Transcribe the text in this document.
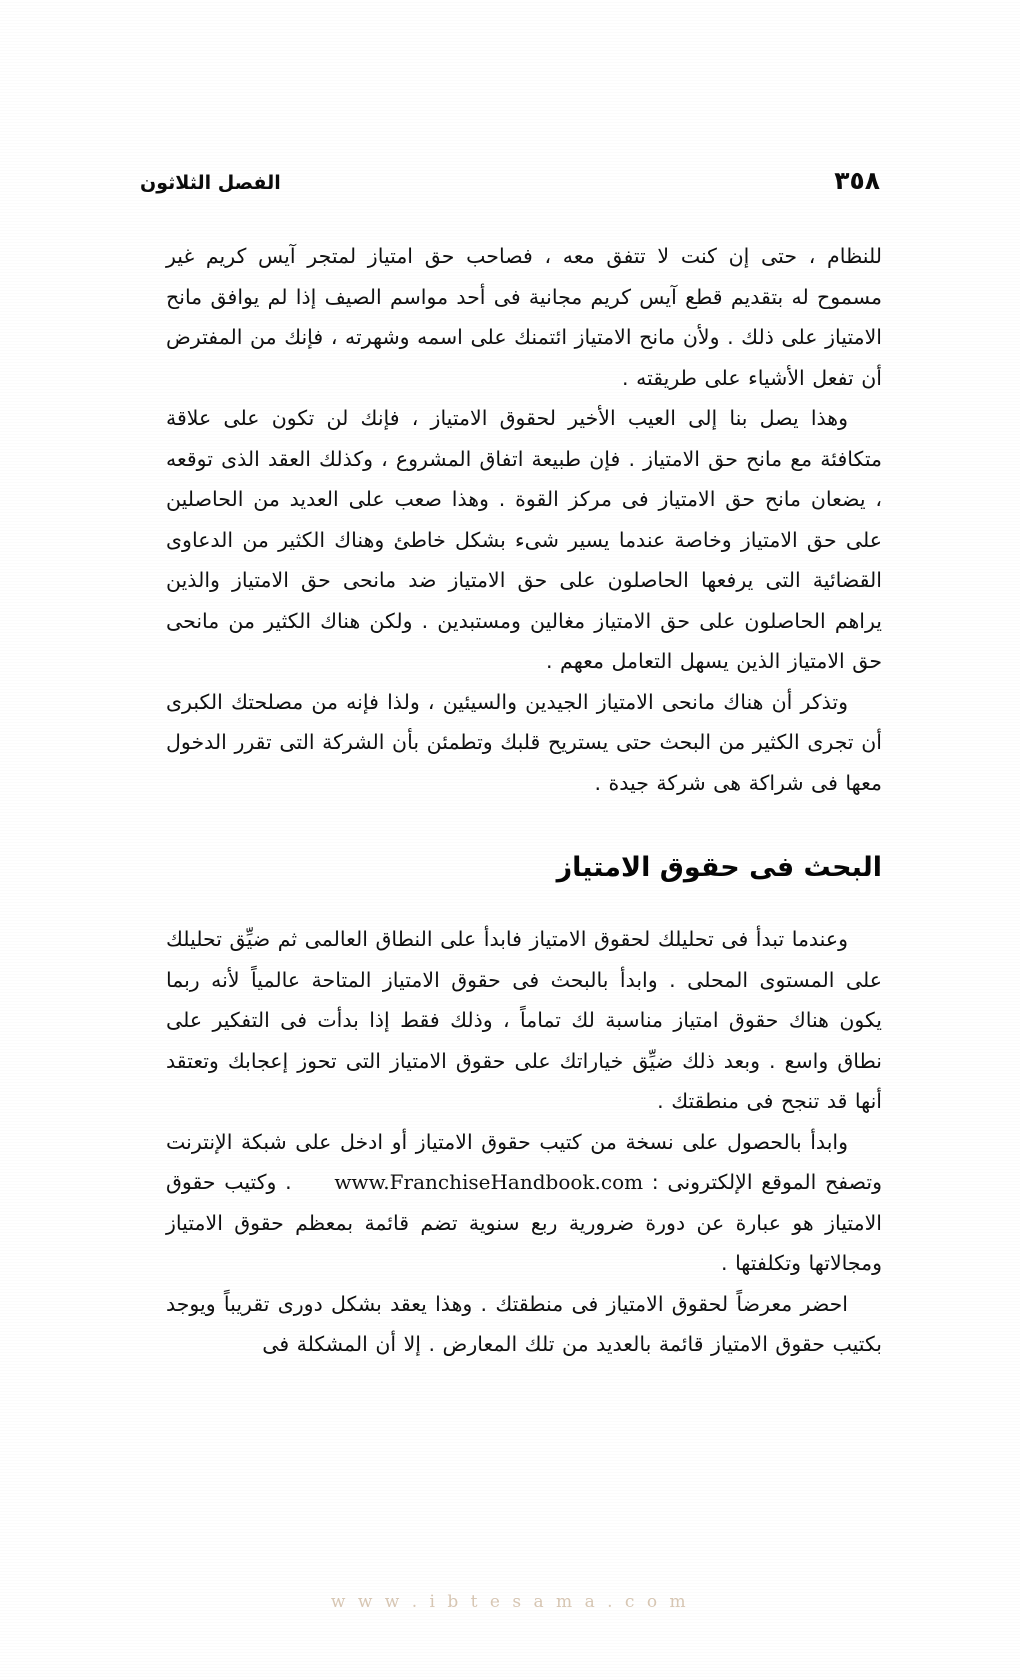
الفصل الثلاثون	٣٥٨

للنظام ، حتى إن كنت لا تتفق معه ، فصاحب حق امتياز لمتجر آيس كريم غير مسموح له بتقديم قطع آيس كريم مجانية فى أحد مواسم الصيف إذا لم يوافق مانح الامتياز على ذلك . ولأن مانح الامتياز ائتمنك على اسمه وشهرته ، فإنك من المفترض أن تفعل الأشياء على طريقته .

وهذا يصل بنا إلى العيب الأخير لحقوق الامتياز ، فإنك لن تكون على علاقة متكافئة مع مانح حق الامتياز . فإن طبيعة اتفاق المشروع ، وكذلك العقد الذى توقعه ، يضعان مانح حق الامتياز فى مركز القوة . وهذا صعب على العديد من الحاصلين على حق الامتياز وخاصة عندما يسير شىء بشكل خاطئ وهناك الكثير من الدعاوى القضائية التى يرفعها الحاصلون على حق الامتياز ضد مانحى حق الامتياز والذين يراهم الحاصلون على حق الامتياز مغالين ومستبدين . ولكن هناك الكثير من مانحى حق الامتياز الذين يسهل التعامل معهم .

وتذكر أن هناك مانحى الامتياز الجيدين والسيئين ، ولذا فإنه من مصلحتك الكبرى أن تجرى الكثير من البحث حتى يستريح قلبك وتطمئن بأن الشركة التى تقرر الدخول معها فى شراكة هى شركة جيدة .

البحث فى حقوق الامتياز

وعندما تبدأ فى تحليلك لحقوق الامتياز فابدأ على النطاق العالمى ثم ضيِّق تحليلك على المستوى المحلى . وابدأ بالبحث فى حقوق الامتياز المتاحة عالمياً لأنه ربما يكون هناك حقوق امتياز مناسبة لك تماماً ، وذلك فقط إذا بدأت فى التفكير على نطاق واسع . وبعد ذلك ضيِّق خياراتك على حقوق الامتياز التى تحوز إعجابك وتعتقد أنها قد تنجح فى منطقتك .

وابدأ بالحصول على نسخة من كتيب حقوق الامتياز أو ادخل على شبكة الإنترنت وتصفح الموقع الإلكترونى : www.FranchiseHandbook.com . وكتيب حقوق الامتياز هو عبارة عن دورة ضرورية ربع سنوية تضم قائمة بمعظم حقوق الامتياز ومجالاتها وتكلفتها .

احضر معرضاً لحقوق الامتياز فى منطقتك . وهذا يعقد بشكل دورى تقريباً ويوجد بكتيب حقوق الامتياز قائمة بالعديد من تلك المعارض . إلا أن المشكلة فى

w w w . i b t e s a m a . c o m
